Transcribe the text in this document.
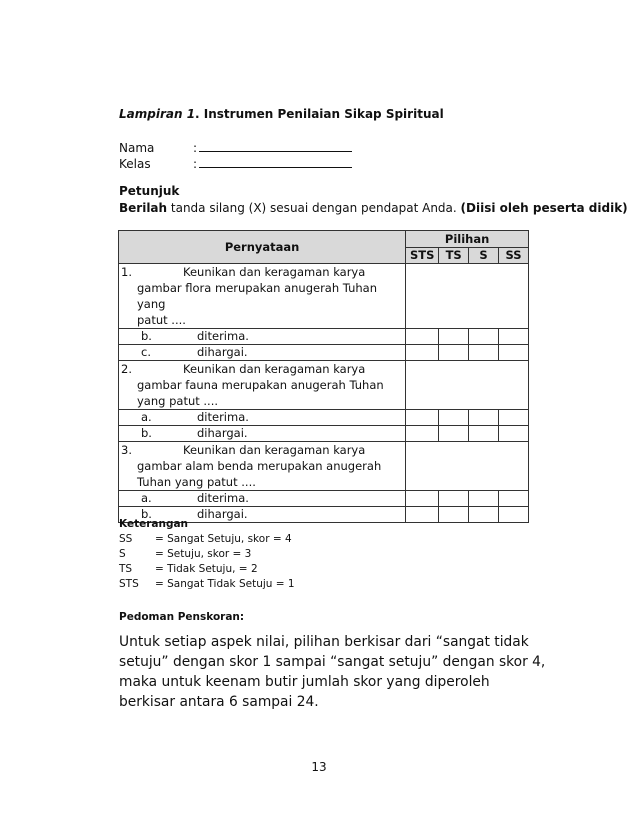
Lampiran 1. Instrumen Penilaian Sikap Spiritual
Nama	:
Kelas	:
Petunjuk
Berilah tanda silang (X) sesuai dengan pendapat Anda. (Diisi oleh peserta didik)
Pernyataan	Pilihan			
	STS	TS	S	SS
1. Keunikan dan keragaman karya
gambar flora merupakan anugerah Tuhan yang
patut ....				

b. diterima.				
c. dihargai.				
2. Keunikan dan keragaman karya
gambar fauna merupakan anugerah Tuhan
yang patut ....				

a. diterima.				
b. dihargai.				
3. Keunikan dan keragaman karya
gambar alam benda merupakan anugerah
Tuhan yang patut ....				

a. diterima.				
b. dihargai.				
Keterangan
SS = Sangat Setuju, skor = 4
S	= Setuju, skor = 3
TS = Tidak Setuju, = 2
STS = Sangat Tidak Setuju = 1
Pedoman Penskoran:
Untuk setiap aspek nilai, pilihan berkisar dari “sangat tidak setuju” dengan skor 1 sampai “sangat setuju” dengan skor 4, maka untuk keenam butir jumlah skor yang diperoleh berkisar antara 6 sampai 24.
13
